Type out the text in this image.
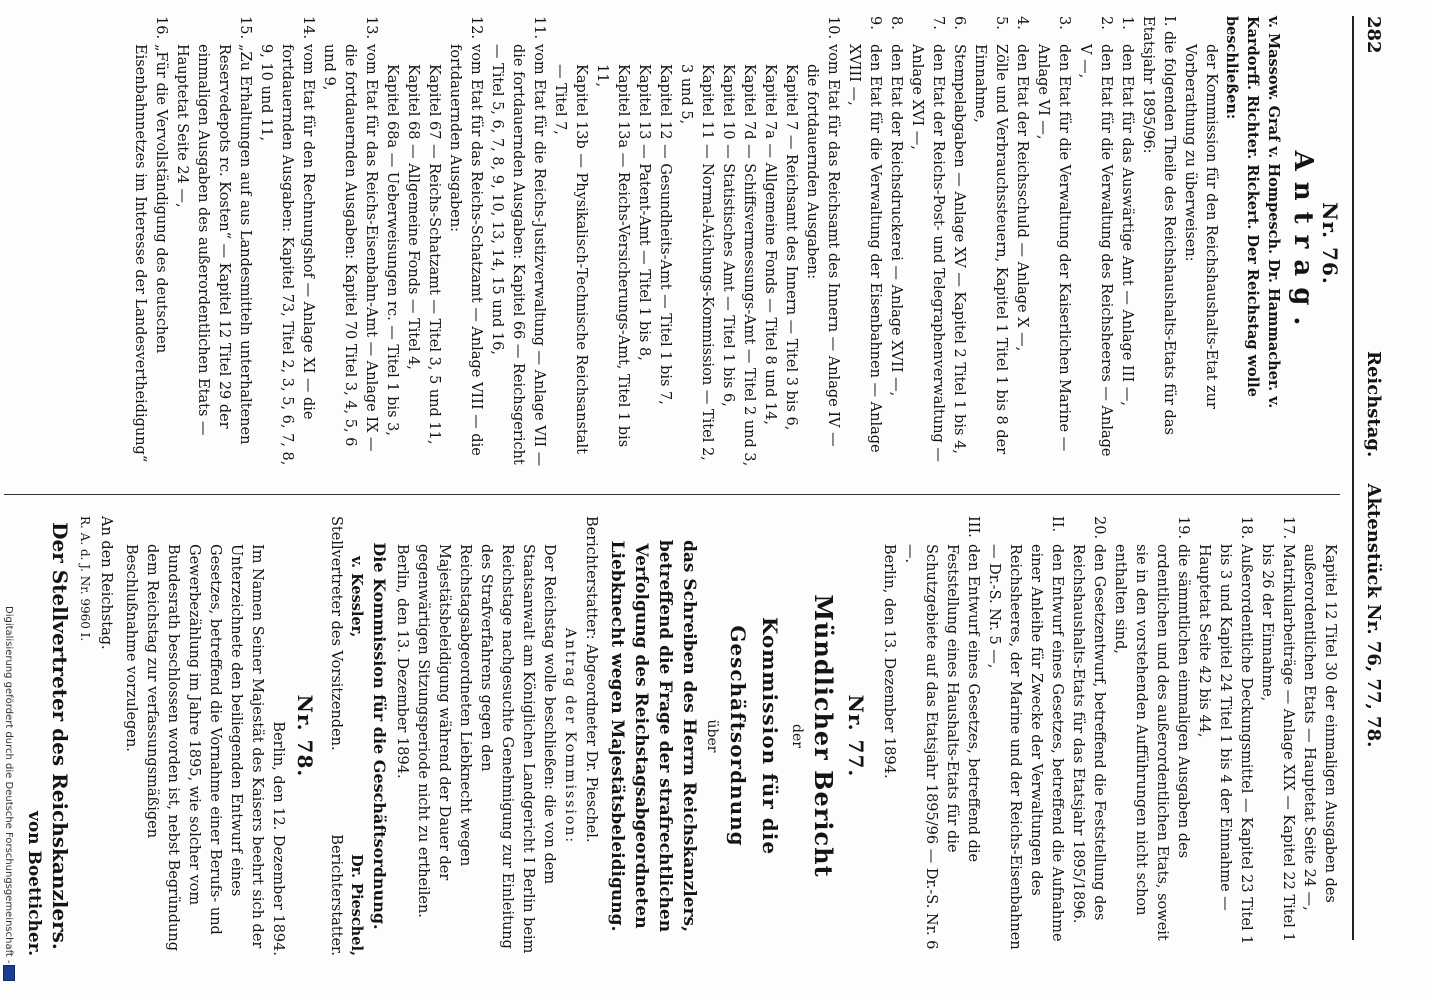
282
Reichstag. Aktenstück Nr. 76, 77, 78.

Nr. 76.

Antrag.

v. Massow. Graf v. Hompesch. Dr. Hammacher. v. Kardorff. Richter. Rickert. Der Reichstag wolle beschließen:

der Kommission für den Reichshaushalts-Etat zur Vorberathung zu überweisen:

I. die folgenden Theile des Reichshaushalts-Etats für das Etatsjahr 1895/96:

1.
den Etat für das Auswärtige Amt — Anlage III —,
2.
den Etat für die Verwaltung des Reichsheeres — Anlage V —,
3.
den Etat für die Verwaltung der Kaiserlichen Marine — Anlage VI —,
4.
den Etat der Reichsschuld — Anlage X —,
5.
Zölle und Verbrauchssteuern, Kapitel 1 Titel 1 bis 8 der Einnahme,
6.
Stempelabgaben — Anlage XV — Kapitel 2 Titel 1 bis 4,
7.
den Etat der Reichs-Post- und Telegraphenverwaltung — Anlage XVI —,
8.
den Etat der Reichsdruckerei — Anlage XVII —,
9.
den Etat für die Verwaltung der Eisenbahnen — Anlage XVIII —,
10.
vom Etat für das Reichsamt des Innern — Anlage IV —

die fortdauernden Ausgaben:

Kapitel 7 — Reichsamt des Innern — Titel 3 bis 6,

Kapitel 7a — Allgemeine Fonds — Titel 8 und 14,

Kapitel 7d — Schiffsvermessungs-Amt — Titel 2 und 3,

Kapitel 10 — Statistisches Amt — Titel 1 bis 6,

Kapitel 11 — Normal-Aichungs-Kommission — Titel 2, 3 und 5,

Kapitel 12 — Gesundheits-Amt — Titel 1 bis 7,

Kapitel 13 — Patent-Amt — Titel 1 bis 8,

Kapitel 13a — Reichs-Versicherungs-Amt, Titel 1 bis 11,

Kapitel 13b — Physikalisch-Technische Reichsanstalt — Titel 7,

11.
vom Etat für die Reichs-Justizverwaltung — Anlage VII — die fortdauernden Ausgaben: Kapitel 66 — Reichsgericht — Titel 5, 6, 7, 8, 9, 10, 13, 14, 15 und 16,
12.
vom Etat für das Reichs-Schatzamt — Anlage VIII — die fortdauernden Ausgaben:

Kapitel 67 — Reichs-Schatzamt — Titel 3, 5 und 11,

Kapitel 68 — Allgemeine Fonds — Titel 4,

Kapitel 68a — Ueberweisungen rc. — Titel 1 bis 3,

13.
vom Etat für das Reichs-Eisenbahn-Amt — Anlage IX — die fortdauernden Ausgaben: Kapitel 70 Titel 3, 4, 5, 6 und 9,
14.
vom Etat für den Rechnungshof — Anlage XI — die fortdauernden Ausgaben: Kapitel 73, Titel 2, 3, 5, 6, 7, 8, 9, 10 und 11,
15.
„Zu Erhaltungen auf aus Landesmitteln unterhaltenen Reservedepots rc. Kosten“ — Kapitel 12 Titel 29 der einmaligen Ausgaben des außerordentlichen Etats — Hauptetat Seite 24 —,
16.
„Für die Vervollständigung des deutschen Eisenbahnnetzes im Interesse der Landesvertheidigung“

Kapitel 12 Titel 30 der einmaligen Ausgaben des außerordentlichen Etats — Hauptetat Seite 24 —,

17.
Matrikularbeiträge — Anlage XIX — Kapitel 22 Titel 1 bis 26 der Einnahme,
18.
Außerordentliche Deckungsmittel — Kapitel 23 Titel 1 bis 3 und Kapitel 24 Titel 1 bis 4 der Einnahme — Hauptetat Seite 42 bis 44,
19.
die sämmtlichen einmaligen Ausgaben des ordentlichen und des außerordentlichen Etats, soweit sie in den vorstehenden Aufführungen nicht schon enthalten sind,
20.
den Gesetzentwurf, betreffend die Feststellung des Reichshaushalts-Etats für das Etatsjahr 1895/1896.
II.
den Entwurf eines Gesetzes, betreffend die Aufnahme einer Anleihe für Zwecke der Verwaltungen des Reichsheeres, der Marine und der Reichs-Eisenbahnen — Dr.-S. Nr. 5 —,
III.
den Entwurf eines Gesetzes, betreffend die Feststellung eines Haushalts-Etats für die Schutzgebiete auf das Etatsjahr 1895/96 — Dr.-S. Nr. 6 —.

Berlin, den 13. Dezember 1894.

Nr. 77.

Mündlicher Bericht

der

Kommission für die Geschäftsordnung

über

das Schreiben des Herrn Reichskanzlers, betreffend die Frage der strafrechtlichen Verfolgung des Reichstagsabgeordneten Liebknecht wegen Majestätsbeleidigung.

Berichterstatter: Abgeordneter Dr. Pieschel.

Antrag der Kommission:

Der Reichstag wolle beschließen: die von dem Staatsanwalt am Königlichen Landgericht I Berlin beim Reichstage nachgesuchte Genehmigung zur Einleitung des Strafverfahrens gegen den Reichstagsabgeordneten Liebknecht wegen Majestätsbeleidigung während der Dauer der gegenwärtigen Sitzungsperiode nicht zu ertheilen.

Berlin, den 13. Dezember 1894.

Die Kommission für die Geschäftsordnung.

v. Kessler,

Stellvertreter des Vorsitzenden.

Dr. Pieschel,

Berichterstatter.

Nr. 78.

Berlin, den 12. Dezember 1894.

Im Namen Seiner Majestät des Kaisers beehrt sich der Unterzeichnete den beiliegenden Entwurf eines Gesetzes, betreffend die Vornahme einer Berufs- und Gewerbezählung im Jahre 1895, wie solcher vom Bundesrath beschlossen worden ist, nebst Begründung dem Reichstag zur verfassungsmäßigen Beschlußnahme vorzulegen.

An den Reichstag.

R. A. d. J. Nr. 9960 I.

Der Stellvertreter des Reichskanzlers.

von Boetticher.

Digitalisierung gefördert durch die Deutsche Forschungsgemeinschaft -
